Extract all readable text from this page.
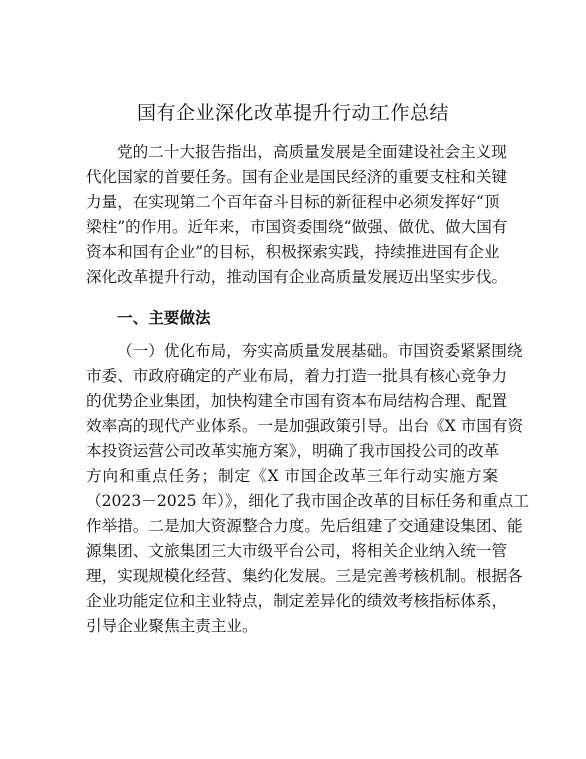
国有企业深化改革提升行动工作总结
党的二十大报告指出，高质量发展是全面建设社会主义现
代化国家的首要任务。国有企业是国民经济的重要支柱和关键
力量，在实现第二个百年奋斗目标的新征程中必须发挥好“顶
梁柱”的作用。近年来，市国资委围绕“做强、做优、做大国有
资本和国有企业”的目标，积极探索实践，持续推进国有企业
深化改革提升行动，推动国有企业高质量发展迈出坚实步伐。
一、主要做法
（一）优化布局，夯实高质量发展基础。市国资委紧紧围绕
市委、市政府确定的产业布局，着力打造一批具有核心竞争力
的优势企业集团，加快构建全市国有资本布局结构合理、配置
效率高的现代产业体系。一是加强政策引导。出台《X 市国有资
本投资运营公司改革实施方案》，明确了我市国投公司的改革
方向和重点任务；制定《X 市国企改革三年行动实施方案
（2023－2025 年）》，细化了我市国企改革的目标任务和重点工
作举措。二是加大资源整合力度。先后组建了交通建设集团、能
源集团、文旅集团三大市级平台公司，将相关企业纳入统一管
理，实现规模化经营、集约化发展。三是完善考核机制。根据各
企业功能定位和主业特点，制定差异化的绩效考核指标体系，
引导企业聚焦主责主业。
